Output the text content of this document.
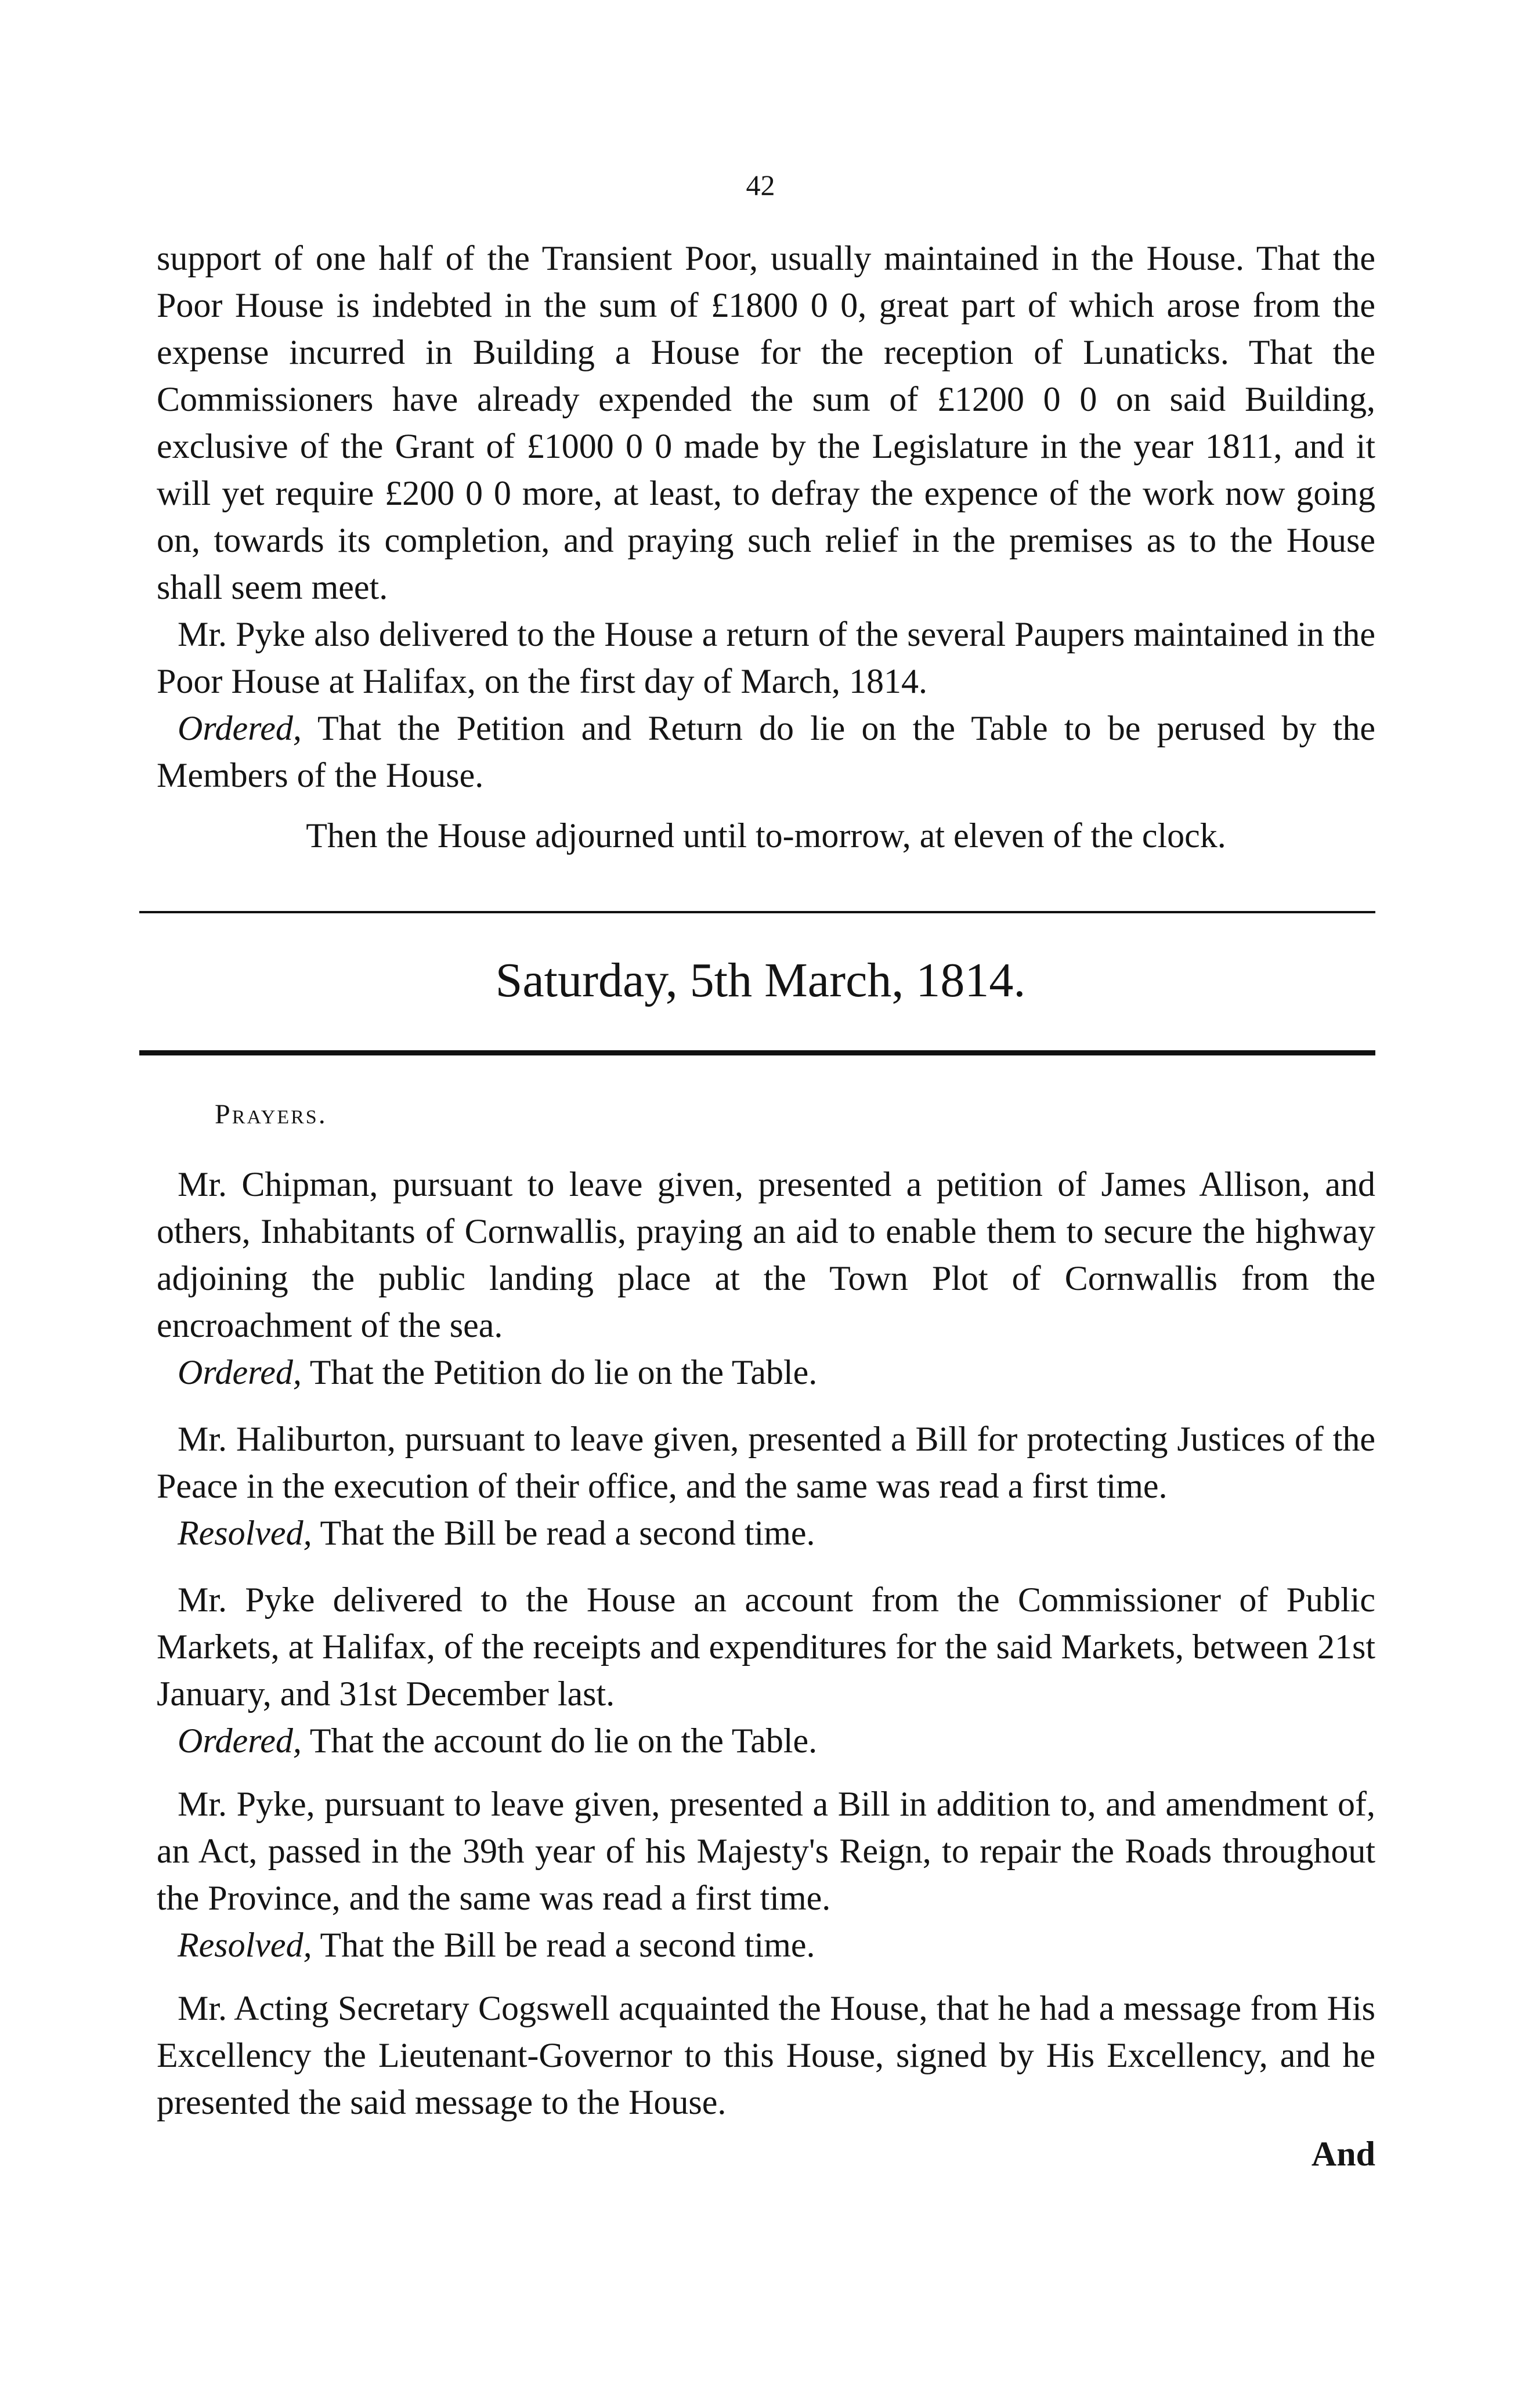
42

support of one half of the Transient Poor, usually maintained in the House. That the Poor House is indebted in the sum of £1800 0 0, great part of which arose from the expense incurred in Building a House for the reception of Lunaticks. That the Commissioners have already expended the sum of £1200 0 0 on said Building, exclusive of the Grant of £1000 0 0 made by the Legislature in the year 1811, and it will yet require £200 0 0 more, at least, to defray the expence of the work now going on, towards its completion, and praying such relief in the premises as to the House shall seem meet.

Mr. Pyke also delivered to the House a return of the several Paupers maintained in the Poor House at Halifax, on the first day of March, 1814.

Ordered, That the Petition and Return do lie on the Table to be perused by the Members of the House.

Then the House adjourned until to-morrow, at eleven of the clock.
Saturday, 5th March, 1814.

Prayers.

Mr. Chipman, pursuant to leave given, presented a petition of James Allison, and others, Inhabitants of Cornwallis, praying an aid to enable them to secure the highway adjoining the public landing place at the Town Plot of Cornwallis from the encroachment of the sea.

Ordered, That the Petition do lie on the Table.

Mr. Haliburton, pursuant to leave given, presented a Bill for protecting Justices of the Peace in the execution of their office, and the same was read a first time.

Resolved, That the Bill be read a second time.

Mr. Pyke delivered to the House an account from the Commissioner of Public Markets, at Halifax, of the receipts and expenditures for the said Markets, between 21st January, and 31st December last.

Ordered, That the account do lie on the Table.

Mr. Pyke, pursuant to leave given, presented a Bill in addition to, and amendment of, an Act, passed in the 39th year of his Majesty's Reign, to repair the Roads throughout the Province, and the same was read a first time.

Resolved, That the Bill be read a second time.

Mr. Acting Secretary Cogswell acquainted the House, that he had a message from His Excellency the Lieutenant-Governor to this House, signed by His Excellency, and he presented the said message to the House.

And
